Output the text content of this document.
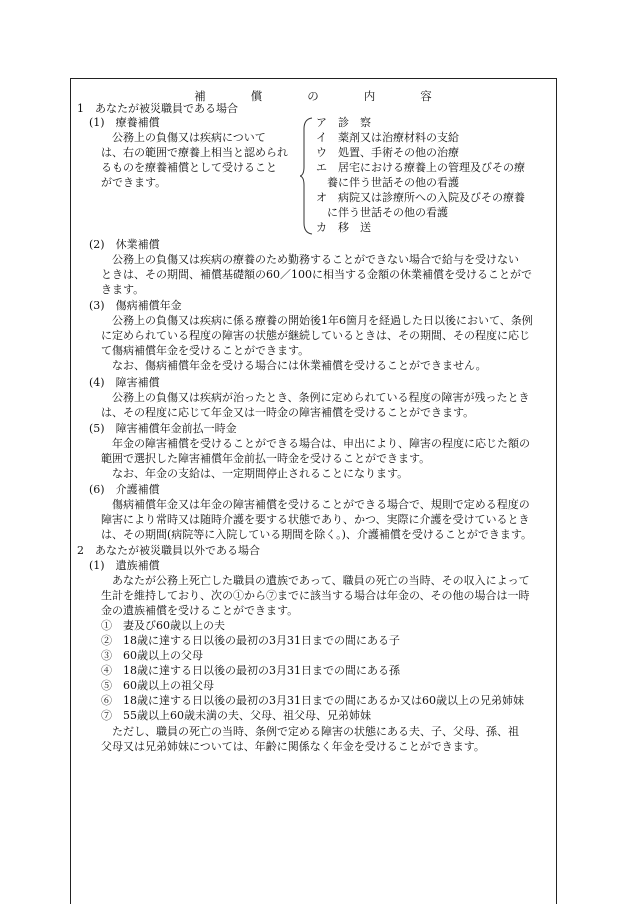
補	償	の	内	容
1　あなたが被災職員である場合
(1)　療養補償
　公務上の負傷又は疾病について
は、右の範囲で療養上相当と認められ
るものを療養補償として受けること
ができます。
ア　診　察
イ　薬剤又は治療材料の支給
ウ　処置、手術その他の治療
エ　居宅における療養上の管理及びその療
　養に伴う世話その他の看護
オ　病院又は診療所への入院及びその療養
　に伴う世話その他の看護
カ　移　送
(2)　休業補償
　公務上の負傷又は疾病の療養のため勤務することができない場合で給与を受けない
ときは、その期間、補償基礎額の60／100に相当する金額の休業補償を受けることがで
きます。
(3)　傷病補償年金
　公務上の負傷又は疾病に係る療養の開始後1年6箇月を経過した日以後において、条例
に定められている程度の障害の状態が継続しているときは、その期間、その程度に応じ
て傷病補償年金を受けることができます。
　なお、傷病補償年金を受ける場合には休業補償を受けることができません。
(4)　障害補償
　公務上の負傷又は疾病が治ったとき、条例に定められている程度の障害が残ったとき
は、その程度に応じて年金又は一時金の障害補償を受けることができます。
(5)　障害補償年金前払一時金
　年金の障害補償を受けることができる場合は、申出により、障害の程度に応じた額の
範囲で選択した障害補償年金前払一時金を受けることができます。
　なお、年金の支給は、一定期間停止されることになります。
(6)　介護補償
　傷病補償年金又は年金の障害補償を受けることができる場合で、規則で定める程度の
障害により常時又は随時介護を要する状態であり、かつ、実際に介護を受けているとき
は、その期間(病院等に入院している期間を除く。)、介護補償を受けることができます。
2　あなたが被災職員以外である場合
(1)　遺族補償
　あなたが公務上死亡した職員の遺族であって、職員の死亡の当時、その収入によって
生計を維持しており、次の①から⑦までに該当する場合は年金の、その他の場合は一時
金の遺族補償を受けることができます。
①　妻及び60歳以上の夫
②　18歳に達する日以後の最初の3月31日までの間にある子
③　60歳以上の父母
④　18歳に達する日以後の最初の3月31日までの間にある孫
⑤　60歳以上の祖父母
⑥　18歳に達する日以後の最初の3月31日までの間にあるか又は60歳以上の兄弟姉妹
⑦　55歳以上60歳未満の夫、父母、祖父母、兄弟姉妹
　ただし、職員の死亡の当時、条例で定める障害の状態にある夫、子、父母、孫、祖
父母又は兄弟姉妹については、年齢に関係なく年金を受けることができます。
